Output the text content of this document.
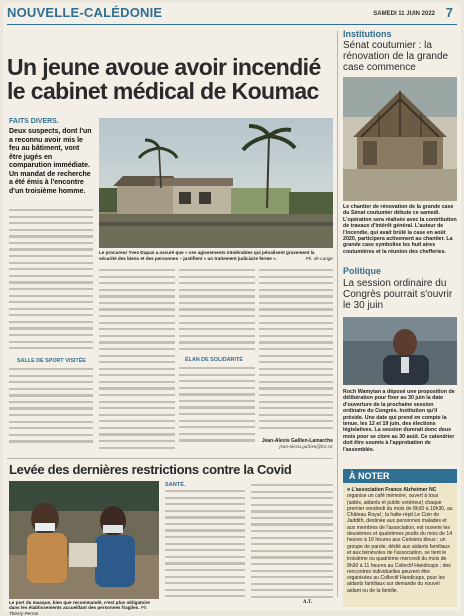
NOUVELLE-CALÉDONIE	SAMEDI 11 JUIN 2022 7
Un jeune avoue avoir incendié le cabinet médical de Koumac
FAITS DIVERS.
Deux suspects, dont l'un a reconnu avoir mis le feu au bâtiment, vont être jugés en comparution immédiate. Un mandat de recherche a été émis à l'encontre d'un troisième homme.
Le procureur Yves Dupas a assuré que « ces agissements intolérables qui pénalisent gravement la sécurité des biens et des personnes – justifient « un traitement judiciaire ferme ».	Ph. de Lange
SALLE DE SPORT VISITÉE	ÉLAN DE SOLIDARITÉ
Jean-Alexis Gallien-Lamarche
jean-alexis.gallien@lnc.nc
Levée des dernières restrictions contre la Covid
Le port du masque, bien que recommandé, n'est plus obligatoire dans les établissements accueillant des personnes fragiles. Ph. Thierry Perron
SANTÉ.
A.T.
Institutions
Sénat coutumier : la rénovation de la grande case commence
Le chantier de rénovation de la grande case du Sénat coutumier débute ce samedi. L'opération sera réalisée avec la contribution de travaux d'intérêt général. L'auteur de l'incendie, qui avait brûlé la case en août 2020, participera activement au chantier. La grande case symbolise les huit aires coutumières et la réunion des chefferies.
Politique
La session ordinaire du Congrès pourrait s'ouvrir le 30 juin
Roch Wamytan a déposé une proposition de délibération pour fixer au 30 juin la date d'ouverture de la prochaine session ordinaire du Congrès. Institution qu'il préside. Une date qui prend en compte la tenue, les 12 et 19 juin, des élections législatives. La session durerait donc deux mois pour se clore au 30 août. Ce calendrier doit être soumis à l'approbation de l'assemblée.
À NOTER
■ L'association France Alzheimer NC organise un café mémoire, ouvert à tous (aidés, aidants et public extérieur) chaque premier vendredi du mois de 8h30 à 10h30, au Château Royal ; la halte-répit Le Coin de Jaddith, destinée aux personnes malades et aux membres de l'association, est ouverte les deuxièmes et quatrièmes jeudis du mois de 14 heures à 16 heures aux Cerisiers bleus ; un groupe de parole, dédié aux aidants familiaux et aux bénévoles de l'association, se tient le troisième ou quatrième mercredi du mois de 8h30 à 11 heures au Collectif Handicaps ; des rencontres individuelles peuvent être organisées au Collectif Handicaps, pour les aidants familiaux sur demande du nouvel aidant ou de la famille.
